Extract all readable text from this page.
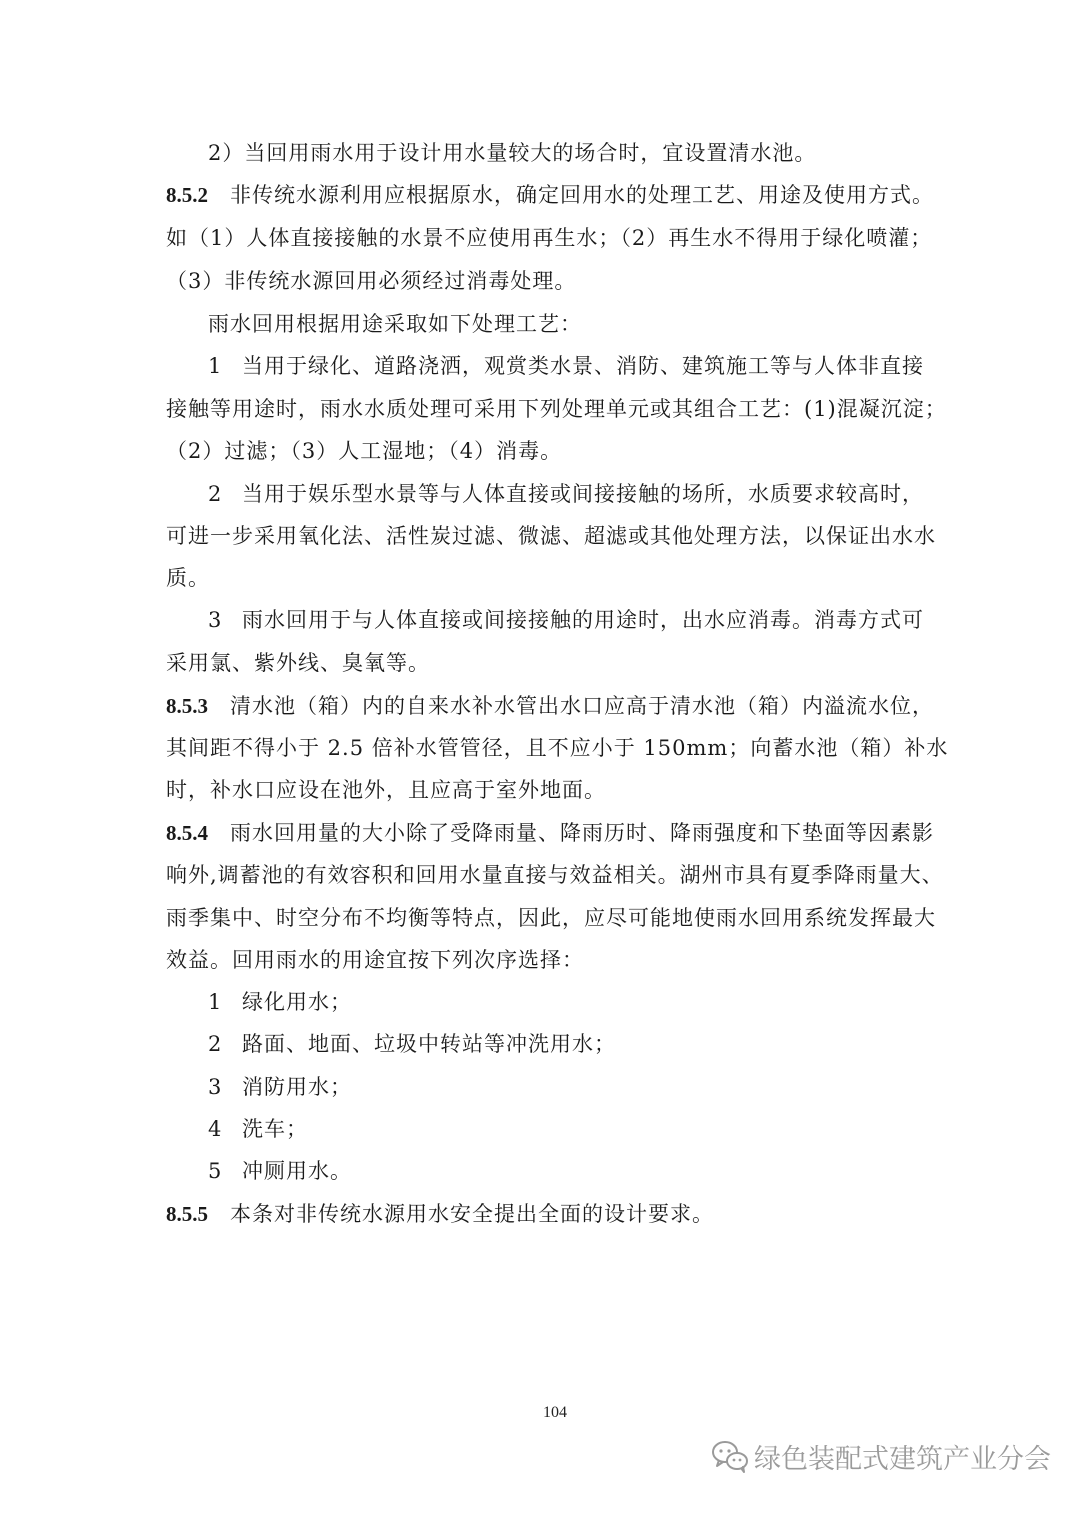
2）当回用雨水用于设计用水量较大的场合时，宜设置清水池。
8.5.2 非传统水源利用应根据原水，确定回用水的处理工艺、用途及使用方式。
如（1）人体直接接触的水景不应使用再生水；（2）再生水不得用于绿化喷灌；
（3）非传统水源回用必须经过消毒处理。
雨水回用根据用途采取如下处理工艺：
1 当用于绿化、道路浇洒，观赏类水景、消防、建筑施工等与人体非直接
接触等用途时，雨水水质处理可采用下列处理单元或其组合工艺：(1)混凝沉淀；
（2）过滤；（3）人工湿地；（4）消毒。
2 当用于娱乐型水景等与人体直接或间接接触的场所，水质要求较高时，
可进一步采用氧化法、活性炭过滤、微滤、超滤或其他处理方法，以保证出水水
质。
3 雨水回用于与人体直接或间接接触的用途时，出水应消毒。消毒方式可
采用氯、紫外线、臭氧等。
8.5.3 清水池（箱）内的自来水补水管出水口应高于清水池（箱）内溢流水位，
其间距不得小于 2.5 倍补水管管径，且不应小于 150mm；向蓄水池（箱）补水
时，补水口应设在池外，且应高于室外地面。
8.5.4 雨水回用量的大小除了受降雨量、降雨历时、降雨强度和下垫面等因素影
响外,调蓄池的有效容积和回用水量直接与效益相关。湖州市具有夏季降雨量大、
雨季集中、时空分布不均衡等特点，因此，应尽可能地使雨水回用系统发挥最大
效益。回用雨水的用途宜按下列次序选择：
1 绿化用水；
2 路面、地面、垃圾中转站等冲洗用水；
3 消防用水；
4 洗车；
5 冲厕用水。
8.5.5 本条对非传统水源用水安全提出全面的设计要求。
104
绿色装配式建筑产业分会
